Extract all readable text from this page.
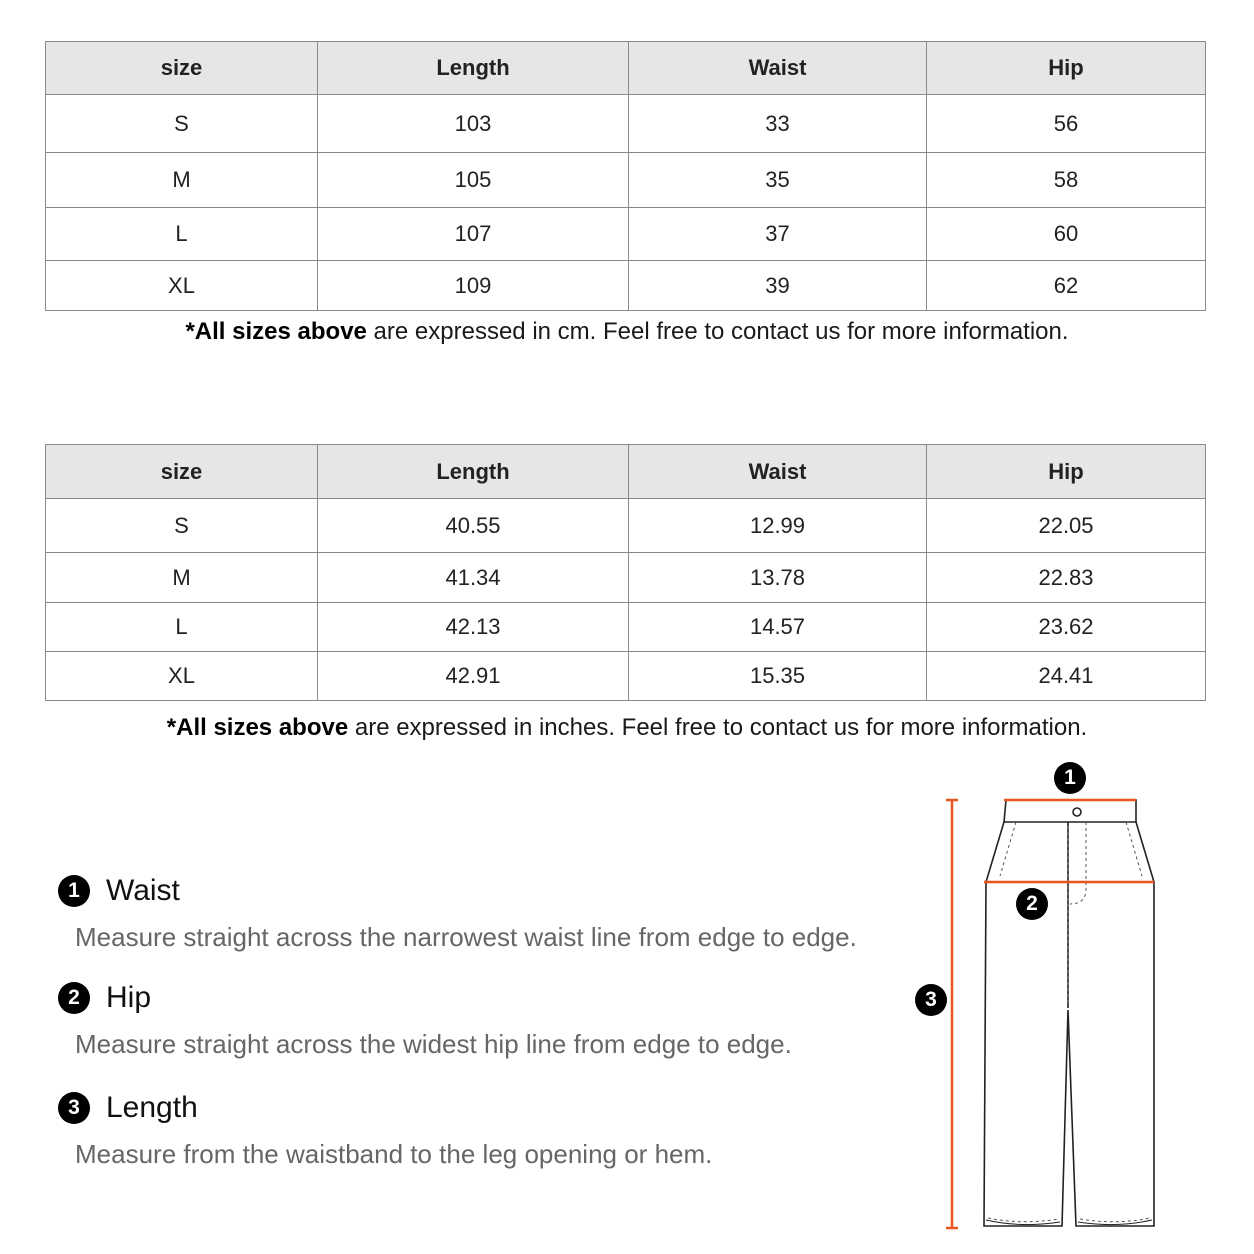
size	Length	Waist	Hip
S	103	33	56
M	105	35	58
L	107	37	60
XL	109	39	62
*All sizes above are expressed in cm. Feel free to contact us for more information.
size	Length	Waist	Hip
S	40.55	12.99	22.05
M	41.34	13.78	22.83
L	42.13	14.57	23.62
XL	42.91	15.35	24.41
*All sizes above are expressed in inches. Feel free to contact us for more information.
1 Waist
Measure straight across the narrowest waist line from edge to edge.
2 Hip
Measure straight across the widest hip line from edge to edge.
3 Length
Measure from the waistband to the leg opening or hem.
1
2
3
